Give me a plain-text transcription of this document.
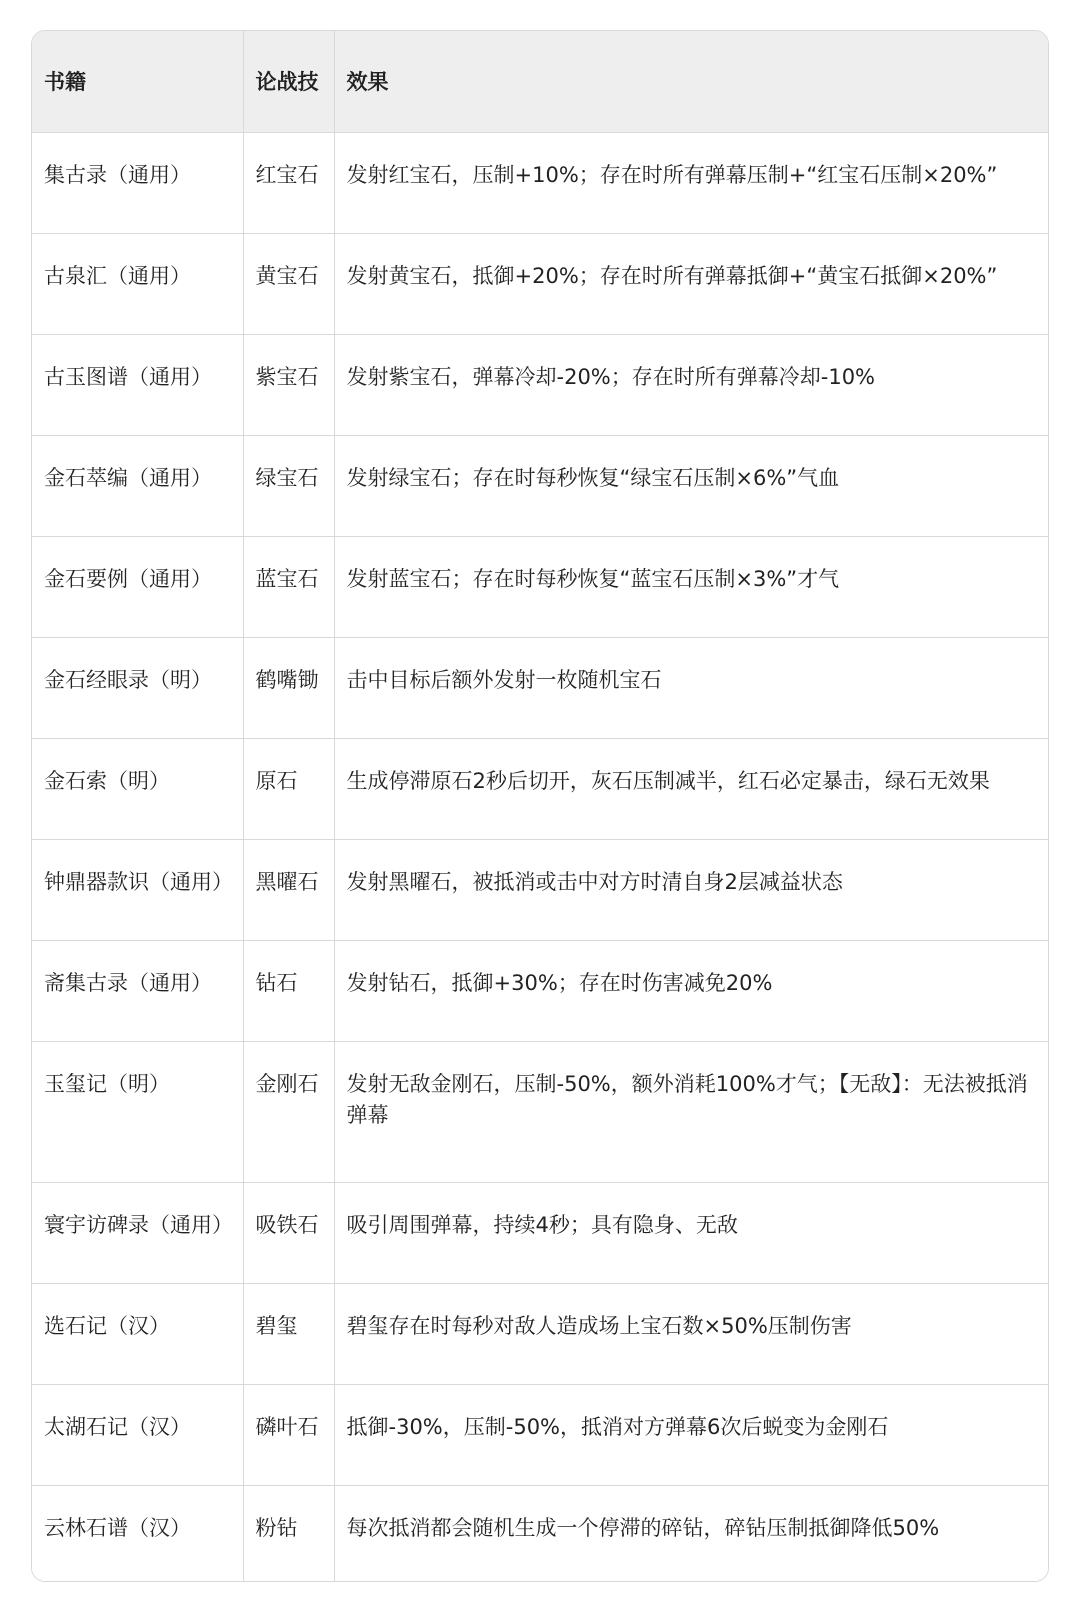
书籍	论战技	效果
集古录（通用）	红宝石	发射红宝石，压制+10%；存在时所有弹幕压制+“红宝石压制×20%”
古泉汇（通用）	黄宝石	发射黄宝石，抵御+20%；存在时所有弹幕抵御+“黄宝石抵御×20%”
古玉图谱（通用）	紫宝石	发射紫宝石，弹幕冷却-20%；存在时所有弹幕冷却-10%
金石萃编（通用）	绿宝石	发射绿宝石；存在时每秒恢复“绿宝石压制×6%”气血
金石要例（通用）	蓝宝石	发射蓝宝石；存在时每秒恢复“蓝宝石压制×3%”才气
金石经眼录（明）	鹤嘴锄	击中目标后额外发射一枚随机宝石
金石索（明）	原石	生成停滞原石2秒后切开，灰石压制减半，红石必定暴击，绿石无效果
钟鼎器款识（通用）	黑曜石	发射黑曜石，被抵消或击中对方时清自身2层减益状态
斋集古录（通用）	钻石	发射钻石，抵御+30%；存在时伤害减免20%
玉玺记（明）	金刚石	发射无敌金刚石，压制-50%，额外消耗100%才气；【无敌】：无法被抵消弹幕
寰宇访碑录（通用）	吸铁石	吸引周围弹幕，持续4秒；具有隐身、无敌
选石记（汉）	碧玺	碧玺存在时每秒对敌人造成场上宝石数×50%压制伤害
太湖石记（汉）	磷叶石	抵御-30%，压制-50%，抵消对方弹幕6次后蜕变为金刚石
云林石谱（汉）	粉钻	每次抵消都会随机生成一个停滞的碎钻，碎钻压制抵御降低50%
